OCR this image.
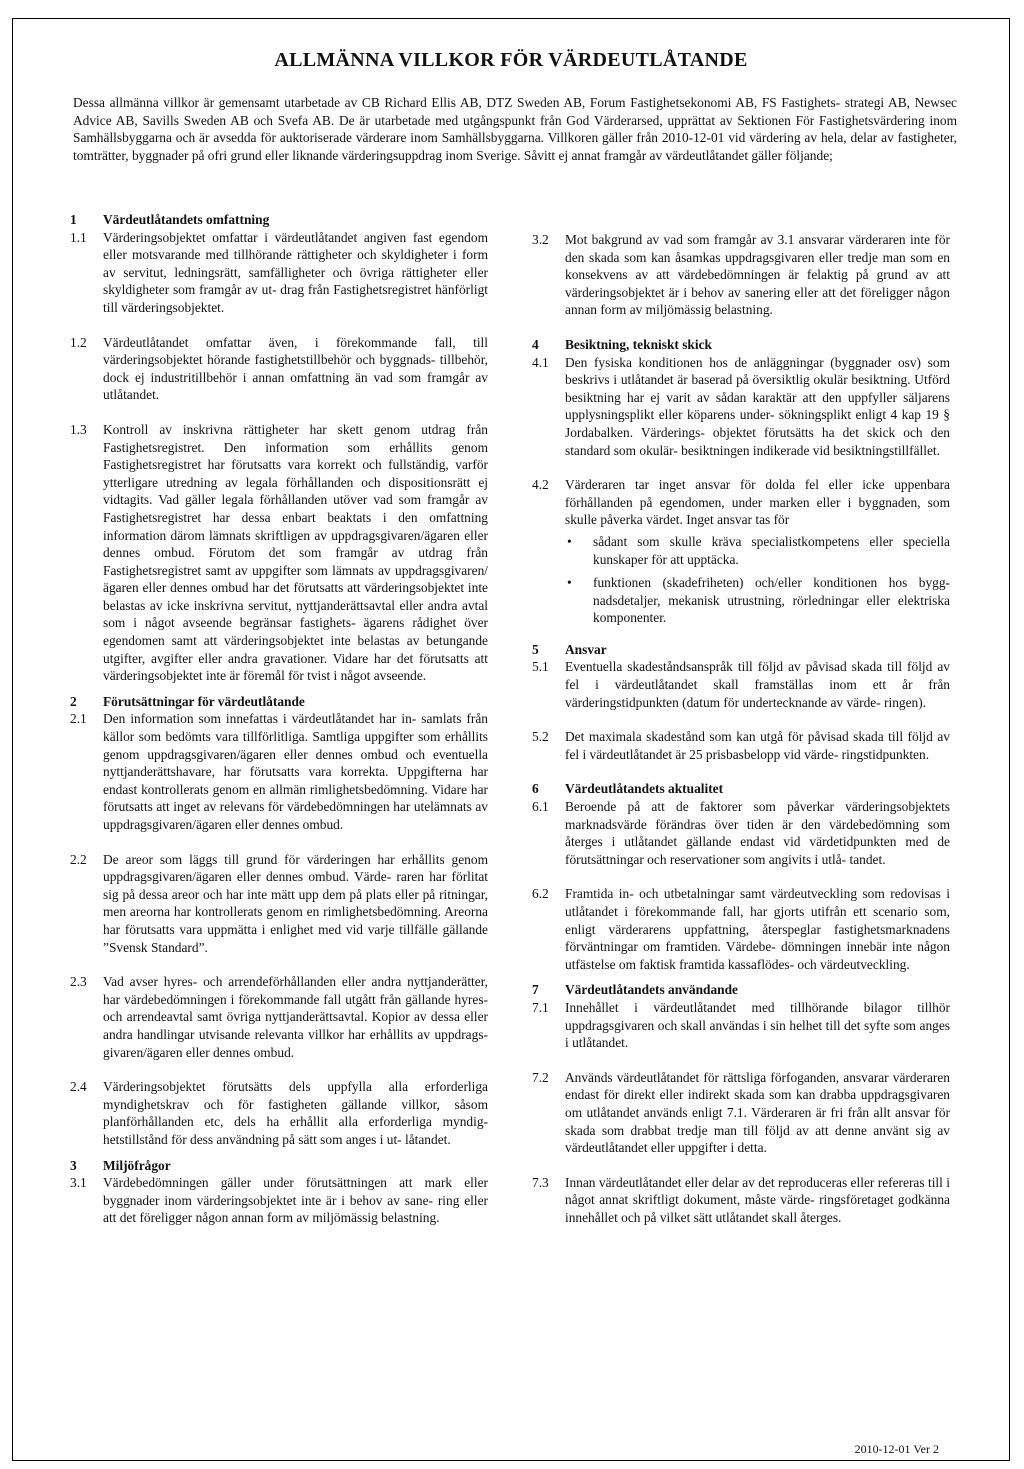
ALLMÄNNA VILLKOR FÖR VÄRDEUTLÅTANDE
Dessa allmänna villkor är gemensamt utarbetade av CB Richard Ellis AB, DTZ Sweden AB, Forum Fastighetsekonomi AB, FS Fastighets- strategi AB, Newsec Advice AB, Savills Sweden AB och Svefa AB. De är utarbetade med utgångspunkt från God Värderarsed, upprättat av Sektionen För Fastighetsvärdering inom Samhällsbyggarna och är avsedda för auktoriserade värderare inom Samhällsbyggarna. Villkoren gäller från 2010-12-01 vid värdering av hela, delar av fastigheter, tomträtter, byggnader på ofri grund eller liknande värderingsuppdrag inom Sverige. Såvitt ej annat framgår av värdeutlåtandet gäller följande;
1 Värdeutlåtandets omfattning
1.1 Värderingsobjektet omfattar i värdeutlåtandet angiven fast egendom eller motsvarande med tillhörande rättigheter och skyldigheter i form av servitut, ledningsrätt, samfälligheter och övriga rättigheter eller skyldigheter som framgår av ut- drag från Fastighetsregistret hänförligt till värderingsobjektet.
1.2 Värdeutlåtandet omfattar även, i förekommande fall, till värderingsobjektet hörande fastighetstillbehör och byggnads- tillbehör, dock ej industritillbehör i annan omfattning än vad som framgår av utlåtandet.
1.3 Kontroll av inskrivna rättigheter har skett genom utdrag från Fastighetsregistret. Den information som erhållits genom Fastighetsregistret har förutsatts vara korrekt och fullständig, varför ytterligare utredning av legala förhållanden och dispositionsrätt ej vidtagits. Vad gäller legala förhållanden utöver vad som framgår av Fastighetsregistret har dessa enbart beaktats i den omfattning information därom lämnats skriftligen av uppdragsgivaren/ägaren eller dennes ombud. Förutom det som framgår av utdrag från Fastighetsregistret samt av uppgifter som lämnats av uppdragsgivaren/ägaren eller dennes ombud har det förutsatts att värderingsobjektet inte belastas av icke inskrivna servitut, nyttjanderättsavtal eller andra avtal som i något avseende begränsar fastighets- ägarens rådighet över egendomen samt att värderingsobjektet inte belastas av betungande utgifter, avgifter eller andra gravationer. Vidare har det förutsatts att värderingsobjektet inte är föremål för tvist i något avseende.
2 Förutsättningar för värdeutlåtande
2.1 Den information som innefattas i värdeutlåtandet har in- samlats från källor som bedömts vara tillförlitliga. Samtliga uppgifter som erhållits genom uppdragsgivaren/ägaren eller dennes ombud och eventuella nyttjanderättshavare, har förutsatts vara korrekta. Uppgifterna har endast kontrollerats genom en allmän rimlighetsbedömning. Vidare har förutsatts att inget av relevans för värdebedömningen har utelämnats av uppdragsgivaren/ägaren eller dennes ombud.
2.2 De areor som läggs till grund för värderingen har erhållits genom uppdragsgivaren/ägaren eller dennes ombud. Värde- raren har förlitat sig på dessa areor och har inte mätt upp dem på plats eller på ritningar, men areorna har kontrollerats genom en rimlighetsbedömning. Areorna har förutsatts vara uppmätta i enlighet med vid varje tillfälle gällande ”Svensk Standard”.
2.3 Vad avser hyres- och arrendeförhållanden eller andra nyttjanderätter, har värdebedömningen i förekommande fall utgått från gällande hyres- och arrendeavtal samt övriga nyttjanderättsavtal. Kopior av dessa eller andra handlingar utvisande relevanta villkor har erhållits av uppdrags- givaren/ägaren eller dennes ombud.
2.4 Värderingsobjektet förutsätts dels uppfylla alla erforderliga myndighetskrav och för fastigheten gällande villkor, såsom planförhållanden etc, dels ha erhållit alla erforderliga myndig- hetstillstånd för dess användning på sätt som anges i ut- låtandet.
3 Miljöfrågor
3.1 Värdebedömningen gäller under förutsättningen att mark eller byggnader inom värderingsobjektet inte är i behov av sane- ring eller att det föreligger någon annan form av miljömässig belastning.
3.2 Mot bakgrund av vad som framgår av 3.1 ansvarar värderaren inte för den skada som kan åsamkas uppdragsgivaren eller tredje man som en konsekvens av att värdebedömningen är felaktig på grund av att värderingsobjektet är i behov av sanering eller att det föreligger någon annan form av miljömässig belastning.
4 Besiktning, tekniskt skick
4.1 Den fysiska konditionen hos de anläggningar (byggnader osv) som beskrivs i utlåtandet är baserad på översiktlig okulär besiktning. Utförd besiktning har ej varit av sådan karaktär att den uppfyller säljarens upplysningsplikt eller köparens under- sökningsplikt enligt 4 kap 19 § Jordabalken. Värderings- objektet förutsätts ha det skick och den standard som okulär- besiktningen indikerade vid besiktningstillfället.
4.2 Värderaren tar inget ansvar för dolda fel eller icke uppenbara förhållanden på egendomen, under marken eller i byggnaden, som skulle påverka värdet. Inget ansvar tas för
• sådant som skulle kräva specialistkompetens eller speciella kunskaper för att upptäcka.
• funktionen (skadefriheten) och/eller konditionen hos bygg- nadsdetaljer, mekanisk utrustning, rörledningar eller elektriska komponenter.
5 Ansvar
5.1 Eventuella skadeståndsanspråk till följd av påvisad skada till följd av fel i värdeutlåtandet skall framställas inom ett år från värderingstidpunkten (datum för undertecknande av värde- ringen).
5.2 Det maximala skadestånd som kan utgå för påvisad skada till följd av fel i värdeutlåtandet är 25 prisbasbelopp vid värde- ringstidpunkten.
6 Värdeutlåtandets aktualitet
6.1 Beroende på att de faktorer som påverkar värderingsobjektets marknadsvärde förändras över tiden är den värdebedömning som återges i utlåtandet gällande endast vid värdetidpunkten med de förutsättningar och reservationer som angivits i utlå- tandet.
6.2 Framtida in- och utbetalningar samt värdeutveckling som redovisas i utlåtandet i förekommande fall, har gjorts utifrån ett scenario som, enligt värderarens uppfattning, återspeglar fastighetsmarknadens förväntningar om framtiden. Värdebe- dömningen innebär inte någon utfästelse om faktisk framtida kassaflödes- och värdeutveckling.
7 Värdeutlåtandets användande
7.1 Innehållet i värdeutlåtandet med tillhörande bilagor tillhör uppdragsgivaren och skall användas i sin helhet till det syfte som anges i utlåtandet.
7.2 Används värdeutlåtandet för rättsliga förfoganden, ansvarar värderaren endast för direkt eller indirekt skada som kan drabba uppdragsgivaren om utlåtandet används enligt 7.1. Värderaren är fri från allt ansvar för skada som drabbat tredje man till följd av att denne använt sig av värdeutlåtandet eller uppgifter i detta.
7.3 Innan värdeutlåtandet eller delar av det reproduceras eller refereras till i något annat skriftligt dokument, måste värde- ringsföretaget godkänna innehållet och på vilket sätt utlåtandet skall återges.
2010-12-01 Ver 2
